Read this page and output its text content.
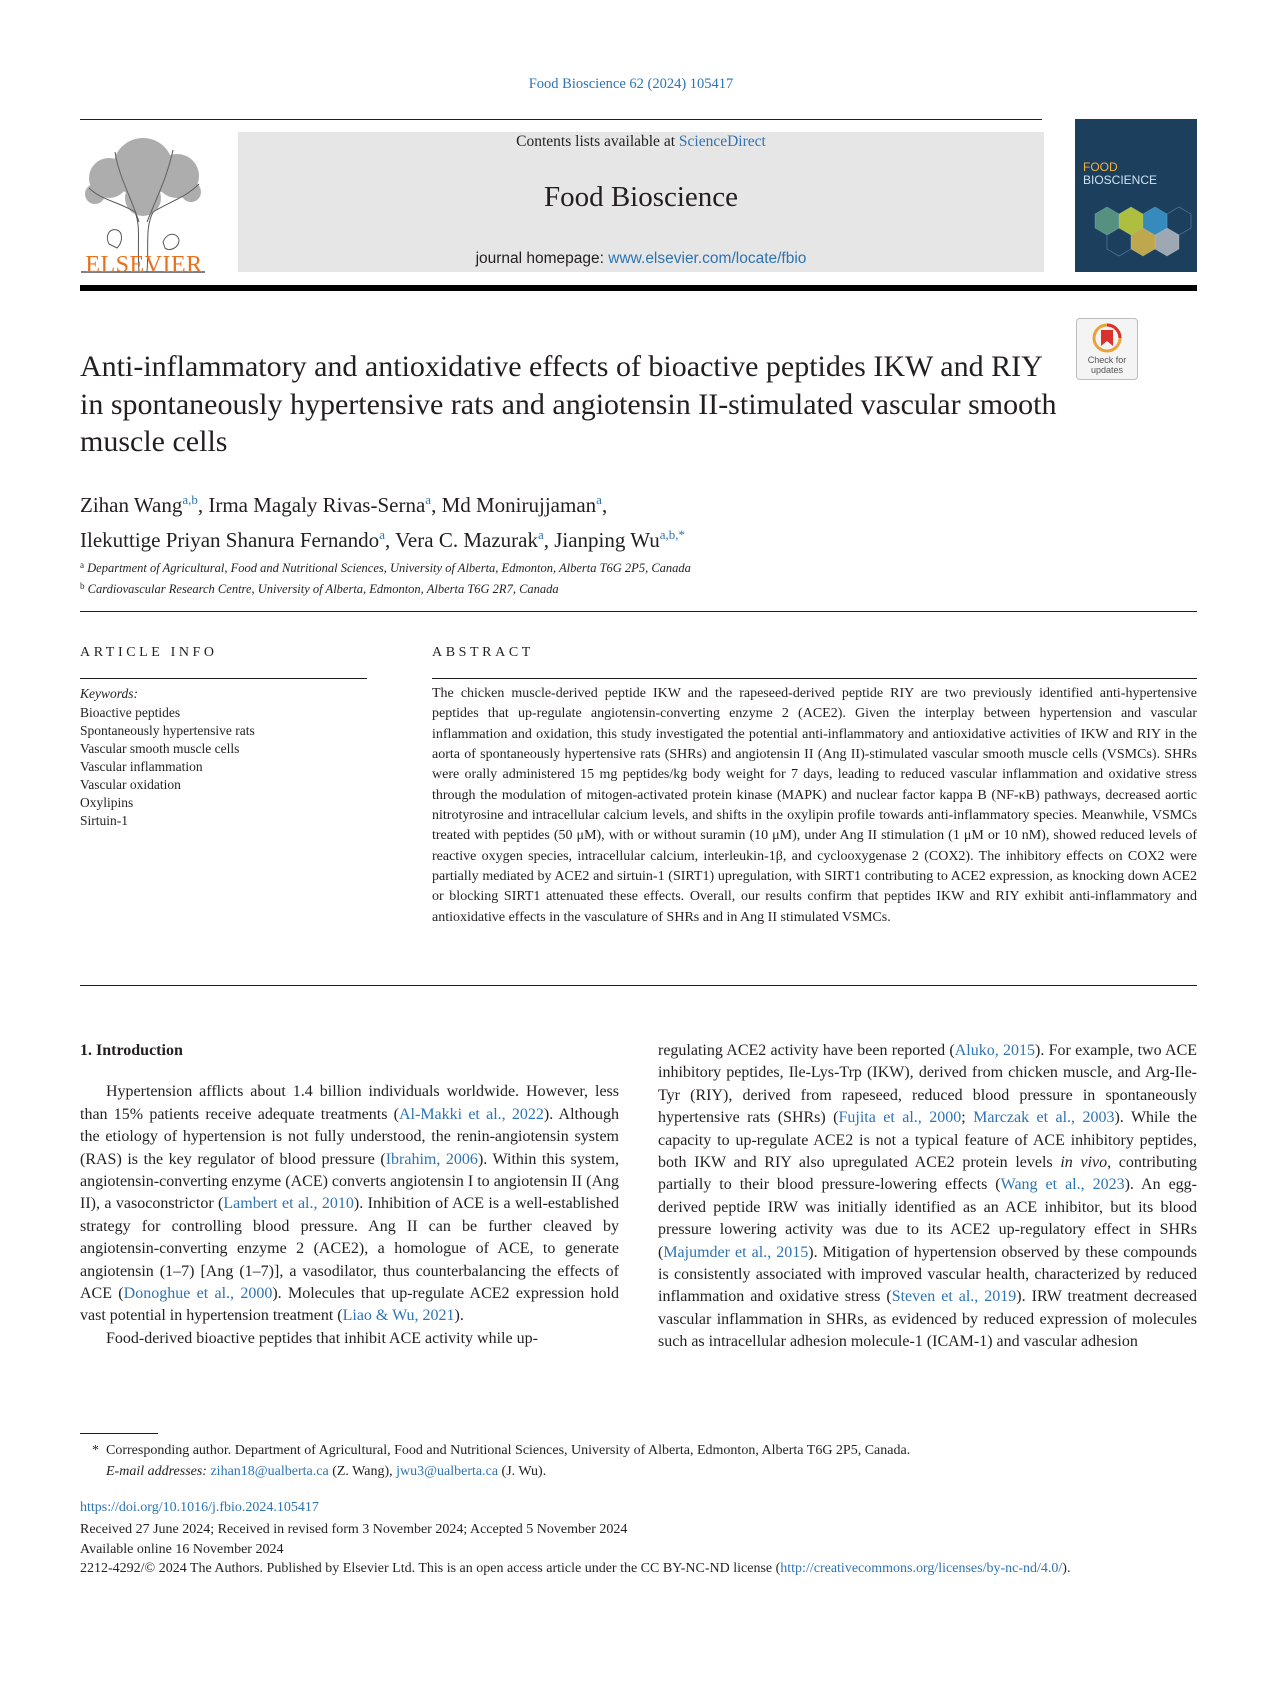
Food Bioscience 62 (2024) 105417
ELSEVIER
Contents lists available at ScienceDirect
Food Bioscience
journal homepage: www.elsevier.com/locate/fbio
FOOD
BIOSCIENCE
Check for updates
Anti-inflammatory and antioxidative effects of bioactive peptides IKW and RIY in spontaneously hypertensive rats and angiotensin II-stimulated vascular smooth muscle cells
Zihan Wang$^{a,b}$, Irma Magaly Rivas-Serna$^a$, Md Monirujjaman$^a$,
Ilekuttige Priyan Shanura Fernando$^a$, Vera C. Mazurak$^a$, Jianping $Wu^{a,b,*}$
$^a$ Department of Agricultural, Food and Nutritional Sciences, University of Alberta, Edmonton, Alberta T6G 2P5, Canada
$^b$ Cardiovascular Research Centre, University of Alberta, Edmonton, Alberta T6G 2R7, Canada
ARTICLE INFO
Keywords:
Bioactive peptides
Spontaneously hypertensive rats
Vascular smooth muscle cells
Vascular inflammation
Vascular oxidation
Oxylipins
Sirtuin-1
ABSTRACT
The chicken muscle-derived peptide IKW and the rapeseed-derived peptide RIY are two previously identified anti-hypertensive peptides that up-regulate angiotensin-converting enzyme 2 (ACE2). Given the interplay between hypertension and vascular inflammation and oxidation, this study investigated the potential anti-inflammatory and antioxidative activities of IKW and RIY in the aorta of spontaneously hypertensive rats (SHRs) and angiotensin II (Ang II)-stimulated vascular smooth muscle cells (VSMCs). SHRs were orally administered 15 mg peptides/kg body weight for 7 days, leading to reduced vascular inflammation and oxidative stress through the modulation of mitogen-activated protein kinase (MAPK) and nuclear factor kappa B (NF-κB) pathways, decreased aortic nitrotyrosine and intracellular calcium levels, and shifts in the oxylipin profile towards anti-inflammatory species. Meanwhile, VSMCs treated with peptides (50 μM), with or without suramin (10 μM), under Ang II stimulation (1 μM or 10 nM), showed reduced levels of reactive oxygen species, intracellular calcium, interleukin-1β, and cyclooxygenase 2 (COX2). The inhibitory effects on COX2 were partially mediated by ACE2 and sirtuin-1 (SIRT1) upregulation, with SIRT1 contributing to ACE2 expression, as knocking down ACE2 or blocking SIRT1 attenuated these effects. Overall, our results confirm that peptides IKW and RIY exhibit anti-inflammatory and antioxidative effects in the vasculature of SHRs and in Ang II stimulated VSMCs.
1. Introduction

Hypertension afflicts about 1.4 billion individuals worldwide. However, less than 15% patients receive adequate treatments (Al-Makki et al., 2022). Although the etiology of hypertension is not fully understood, the renin-angiotensin system (RAS) is the key regulator of blood pressure (Ibrahim, 2006). Within this system, angiotensin-converting enzyme (ACE) converts angiotensin I to angiotensin II (Ang II), a vasoconstrictor (Lambert et al., 2010). Inhibition of ACE is a well-established strategy for controlling blood pressure. Ang II can be further cleaved by angiotensin-converting enzyme 2 (ACE2), a homologue of ACE, to generate angiotensin (1–7) [Ang (1–7)], a vasodilator, thus counterbalancing the effects of ACE (Donoghue et al., 2000). Molecules that up-regulate ACE2 expression hold vast potential in hypertension treatment (Liao & Wu, 2021).

Food-derived bioactive peptides that inhibit ACE activity while up-

regulating ACE2 activity have been reported (Aluko, 2015). For example, two ACE inhibitory peptides, Ile-Lys-Trp (IKW), derived from chicken muscle, and Arg-Ile-Tyr (RIY), derived from rapeseed, reduced blood pressure in spontaneously hypertensive rats (SHRs) (Fujita et al., 2000; Marczak et al., 2003). While the capacity to up-regulate ACE2 is not a typical feature of ACE inhibitory peptides, both IKW and RIY also upregulated ACE2 protein levels in vivo, contributing partially to their blood pressure-lowering effects (Wang et al., 2023). An egg-derived peptide IRW was initially identified as an ACE inhibitor, but its blood pressure lowering activity was due to its ACE2 up-regulatory effect in SHRs (Majumder et al., 2015). Mitigation of hypertension observed by these compounds is consistently associated with improved vascular health, characterized by reduced inflammation and oxidative stress (Steven et al., 2019). IRW treatment decreased vascular inflammation in SHRs, as evidenced by reduced expression of molecules such as intracellular adhesion molecule-1 (ICAM-1) and vascular adhesion

* Corresponding author. Department of Agricultural, Food and Nutritional Sciences, University of Alberta, Edmonton, Alberta T6G 2P5, Canada.
E-mail addresses: zihan18@ualberta.ca (Z. Wang), jwu3@ualberta.ca (J. Wu).
https://doi.org/10.1016/j.fbio.2024.105417
Received 27 June 2024; Received in revised form 3 November 2024; Accepted 5 November 2024
Available online 16 November 2024
2212-4292/© 2024 The Authors. Published by Elsevier Ltd. This is an open access article under the CC BY-NC-ND license (http://creativecommons.org/licenses/by-nc-nd/4.0/).
